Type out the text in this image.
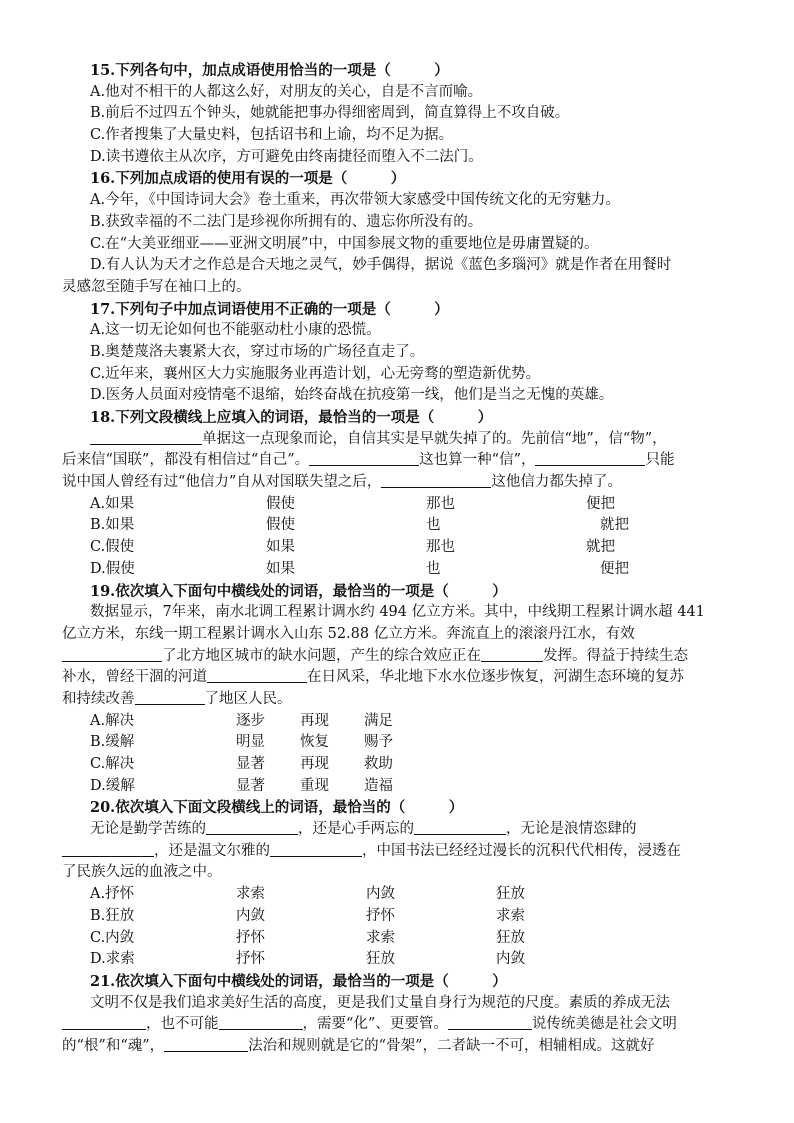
15.下列各句中，加点成语使用恰当的一项是（　　　）
A.他对不相干的人都这么好，对朋友的关心，自是不言而喻。
B.前后不过四五个钟头，她就能把事办得细密周到，简直算得上不攻自破。
C.作者搜集了大量史料，包括诏书和上谕，均不足为据。
D.读书遵依主从次序，方可避免由终南捷径而堕入不二法门。
16.下列加点成语的使用有误的一项是（　　　）
A.今年，《中国诗词大会》卷土重来，再次带领大家感受中国传统文化的无穷魅力。
B.获致幸福的不二法门是珍视你所拥有的、遗忘你所没有的。
C.在“大美亚细亚——亚洲文明展”中，中国参展文物的重要地位是毋庸置疑的。
D.有人认为天才之作总是合天地之灵气，妙手偶得，据说《蓝色多瑙河》就是作者在用餐时
灵感忽至随手写在袖口上的。
17.下列句子中加点词语使用不正确的一项是（　　　）
A.这一切无论如何也不能驱动杜小康的恐慌。
B.奥楚蔑洛夫裹紧大衣，穿过市场的广场径直走了。
C.近年来，襄州区大力实施服务业再造计划，心无旁骛的塑造新优势。
D.医务人员面对疫情毫不退缩，始终奋战在抗疫第一线，他们是当之无愧的英雄。
18.下列文段横线上应填入的词语，最恰当的一项是（　　　）
单据这一点现象而论，自信其实是早就失掉了的。先前信“地”，信“物”，
后来信“国联”，都没有相信过“自己”。	这也算一种“信”，	只能
说中国人曾经有过“他信力”自从对国联失望之后，	这他信力都失掉了。
A.如果	假使	那也	便把
B.如果	假使	也	就把
C.假使	如果	那也	就把
D.假使	如果	也	便把
19.依次填入下面句中横线处的词语，最恰当的一项是（　　　）
数据显示，7年来，南水北调工程累计调水约 494 亿立方米。其中，中线期工程累计调水超 441
亿立方米，东线一期工程累计调水入山东 52.88 亿立方米。奔流直上的滚滚丹江水，有效
了北方地区城市的缺水问题，产生的综合效应正在	发挥。得益于持续生态
补水，曾经干涸的河道	在日风采，华北地下水水位逐步恢复，河湖生态环境的复苏
和持续改善	了地区人民。
A.解决	逐步 再现 满足
B.缓解	明显 恢复 赐予
C.解决	显著 再现 救助
D.缓解	显著 重现 造福
20.依次填入下面文段横线上的词语，最恰当的（　　　）
无论是勤学苦练的	，还是心手两忘的	，无论是浪情恣肆的
，还是温文尔雅的	，中国书法已经经过漫长的沉积代代相传，浸透在
了民族久远的血液之中。
A.抒怀	求索	内敛	狂放
B.狂放	内敛	抒怀	求索
C.内敛	抒怀	求索	狂放
D.求索	抒怀	狂放	内敛
21.依次填入下面句中横线处的词语，最恰当的一项是（　　　）
文明不仅是我们追求美好生活的高度，更是我们丈量自身行为规范的尺度。素质的养成无法
，也不可能	，需要“化”、更要管。	说传统美德是社会文明
的“根”和“魂”，	法治和规则就是它的“骨架”，二者缺一不可，相辅相成。这就好
